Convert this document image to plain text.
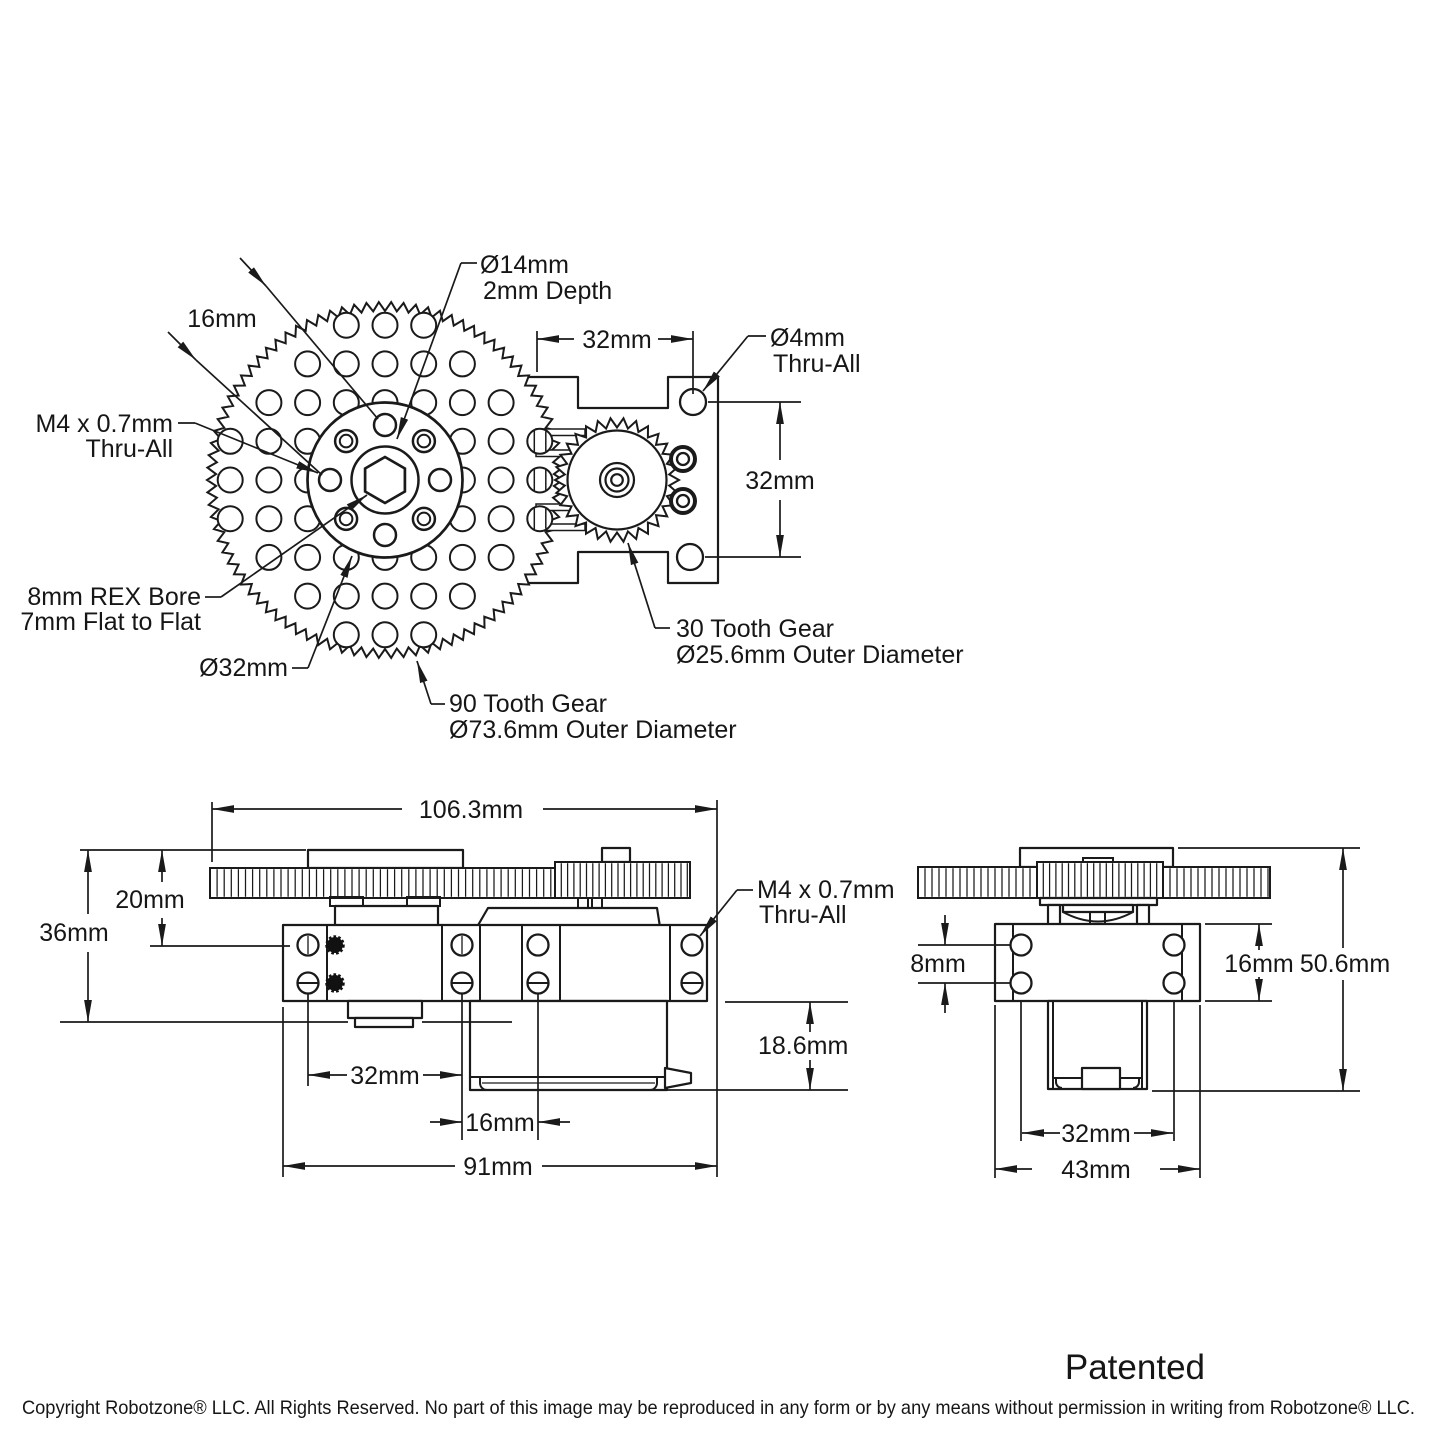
32mm	Ø4mm
Thru-All
32mm
30 Tooth Gear
Ø25.6mm Outer Diameter
16mm
Ø14mm
2mm Depth
M4 x 0.7mm
Thru-All
8mm REX Bore
7mm Flat to Flat
Ø32mm
90 Tooth Gear
Ø73.6mm Outer Diameter
106.3mm
20mm
36mm
32mm
16mm
91mm
M4 x 0.7mm
Thru-All
18.6mm
8mm	16mm 50.6mm
32mm
43mm
Patented
Copyright Robotzone® LLC. All Rights Reserved. No part of this image may be reproduced in any form or by any means without permission in writing from Robotzone® LLC.
